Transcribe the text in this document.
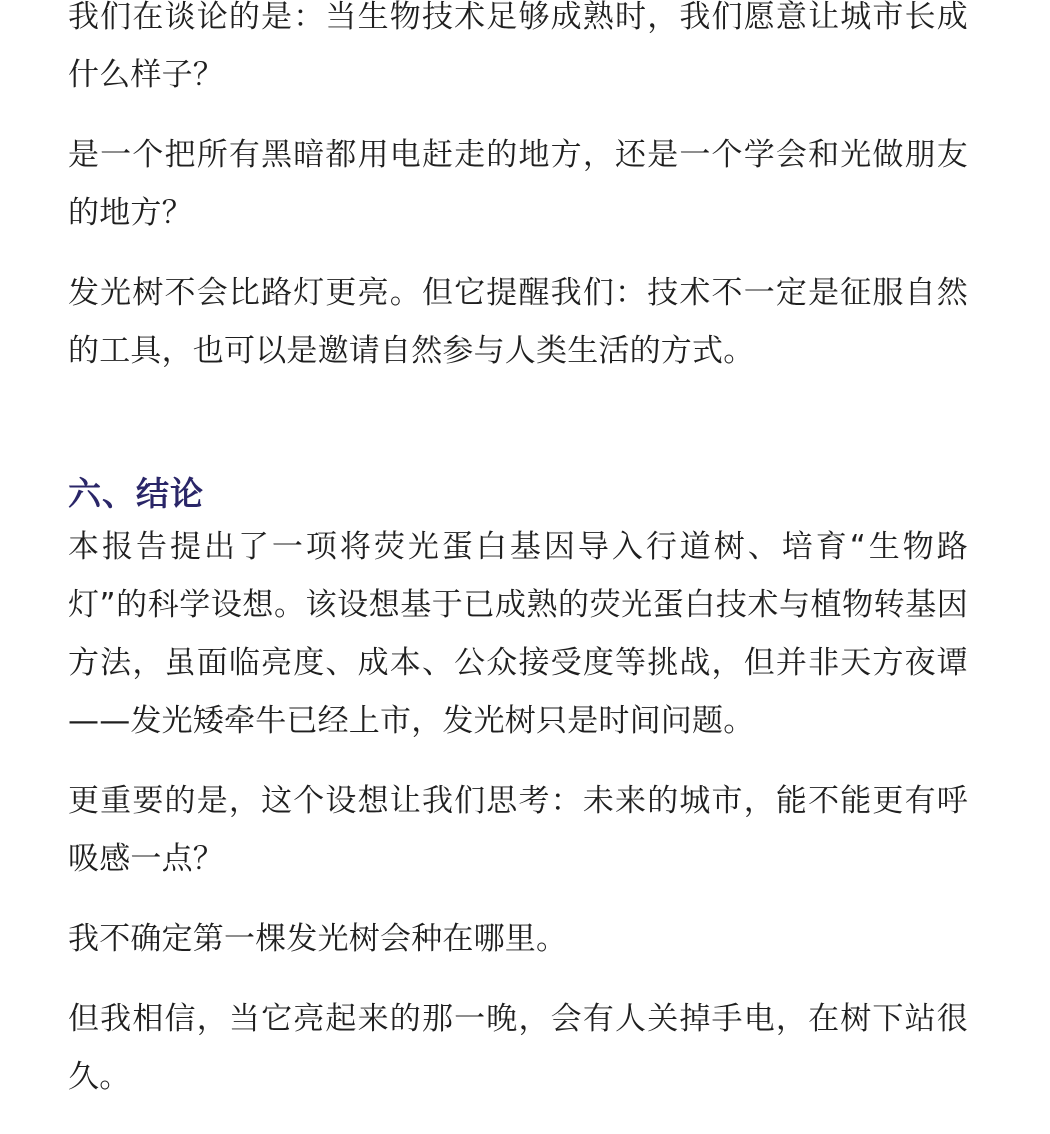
我们在谈论的是：当生物技术足够成熟时，我们愿意让城市长成什么样子？

是一个把所有黑暗都用电赶走的地方，还是一个学会和光做朋友的地方？

发光树不会比路灯更亮。但它提醒我们：技术不一定是征服自然的工具，也可以是邀请自然参与人类生活的方式。

六、结论

本报告提出了一项将荧光蛋白基因导入行道树、培育“生物路灯”的科学设想。该设想基于已成熟的荧光蛋白技术与植物转基因方法，虽面临亮度、成本、公众接受度等挑战，但并非天方夜谭——发光矮牵牛已经上市，发光树只是时间问题。

更重要的是，这个设想让我们思考：未来的城市，能不能更有呼吸感一点？

我不确定第一棵发光树会种在哪里。

但我相信，当它亮起来的那一晚，会有人关掉手电，在树下站很久。
